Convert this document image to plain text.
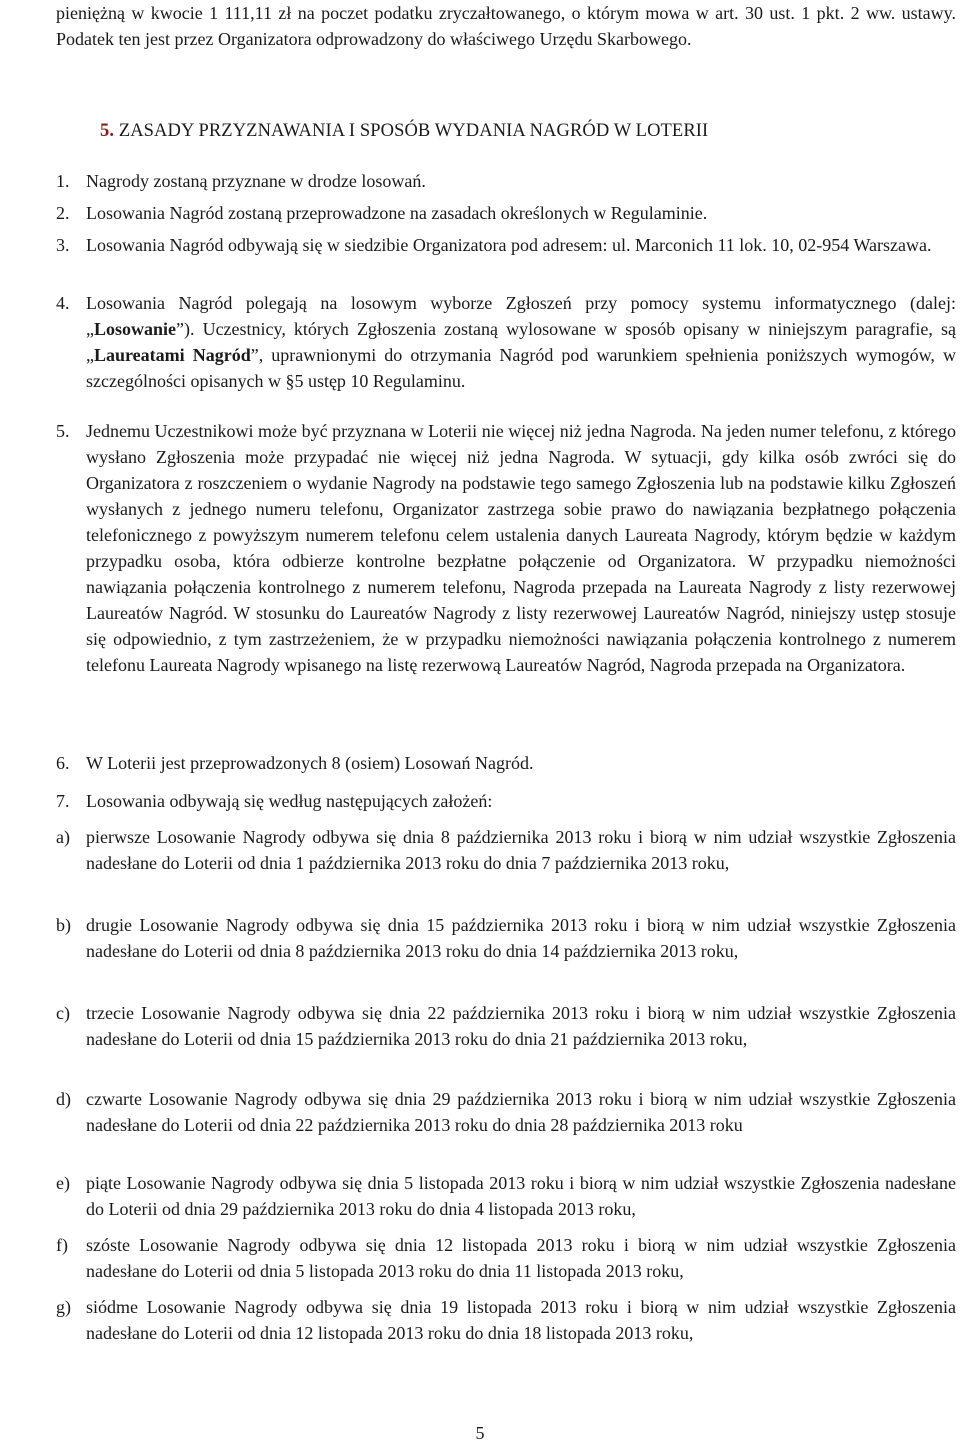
pieniężną w kwocie 1 111,11 zł na poczet podatku zryczałtowanego, o którym mowa w art. 30 ust. 1 pkt. 2 ww. ustawy. Podatek ten jest przez Organizatora odprowadzony do właściwego Urzędu Skarbowego.
5. ZASADY PRZYZNAWANIA I SPOSÓB WYDANIA NAGRÓD W LOTERII
1. Nagrody zostaną przyznane w drodze losowań.
2. Losowania Nagród zostaną przeprowadzone na zasadach określonych w Regulaminie.
3. Losowania Nagród odbywają się w siedzibie Organizatora pod adresem: ul. Marconich 11 lok. 10, 02-954 Warszawa.
4. Losowania Nagród polegają na losowym wyborze Zgłoszeń przy pomocy systemu informatycznego (dalej: „Losowanie”). Uczestnicy, których Zgłoszenia zostaną wylosowane w sposób opisany w niniejszym paragrafie, są „Laureatami Nagród”, uprawnionymi do otrzymania Nagród pod warunkiem spełnienia poniższych wymogów, w szczególności opisanych w §5 ustęp 10 Regulaminu.
5. Jednemu Uczestnikowi może być przyznana w Loterii nie więcej niż jedna Nagroda. Na jeden numer telefonu, z którego wysłano Zgłoszenia może przypadać nie więcej niż jedna Nagroda. W sytuacji, gdy kilka osób zwróci się do Organizatora z roszczeniem o wydanie Nagrody na podstawie tego samego Zgłoszenia lub na podstawie kilku Zgłoszeń wysłanych z jednego numeru telefonu, Organizator zastrzega sobie prawo do nawiązania bezpłatnego połączenia telefonicznego z powyższym numerem telefonu celem ustalenia danych Laureata Nagrody, którym będzie w każdym przypadku osoba, która odbierze kontrolne bezpłatne połączenie od Organizatora. W przypadku niemożności nawiązania połączenia kontrolnego z numerem telefonu, Nagroda przepada na Laureata Nagrody z listy rezerwowej Laureatów Nagród. W stosunku do Laureatów Nagrody z listy rezerwowej Laureatów Nagród, niniejszy ustęp stosuje się odpowiednio, z tym zastrzeżeniem, że w przypadku niemożności nawiązania połączenia kontrolnego z numerem telefonu Laureata Nagrody wpisanego na listę rezerwową Laureatów Nagród, Nagroda przepada na Organizatora.
6. W Loterii jest przeprowadzonych 8 (osiem) Losowań Nagród.
7. Losowania odbywają się według następujących założeń:
a) pierwsze Losowanie Nagrody odbywa się dnia 8 października 2013 roku i biorą w nim udział wszystkie Zgłoszenia nadesłane do Loterii od dnia 1 października 2013 roku do dnia 7 października 2013 roku,
b) drugie Losowanie Nagrody odbywa się dnia 15 października 2013 roku i biorą w nim udział wszystkie Zgłoszenia nadesłane do Loterii od dnia 8 października 2013 roku do dnia 14 października 2013 roku,
c) trzecie Losowanie Nagrody odbywa się dnia 22 października 2013 roku i biorą w nim udział wszystkie Zgłoszenia nadesłane do Loterii od dnia 15 października 2013 roku do dnia 21 października 2013 roku,
d) czwarte Losowanie Nagrody odbywa się dnia 29 października 2013 roku i biorą w nim udział wszystkie Zgłoszenia nadesłane do Loterii od dnia 22 października 2013 roku do dnia 28 października 2013 roku
e) piąte Losowanie Nagrody odbywa się dnia 5 listopada 2013 roku i biorą w nim udział wszystkie Zgłoszenia nadesłane do Loterii od dnia 29 października 2013 roku do dnia 4 listopada 2013 roku,
f)	szóste Losowanie Nagrody odbywa się dnia 12 listopada 2013 roku i biorą w nim udział wszystkie Zgłoszenia nadesłane do Loterii od dnia 5 listopada 2013 roku do dnia 11 listopada 2013 roku,
g) siódme Losowanie Nagrody odbywa się dnia 19 listopada 2013 roku i biorą w nim udział wszystkie Zgłoszenia nadesłane do Loterii od dnia 12 listopada 2013 roku do dnia 18 listopada 2013 roku,
5
